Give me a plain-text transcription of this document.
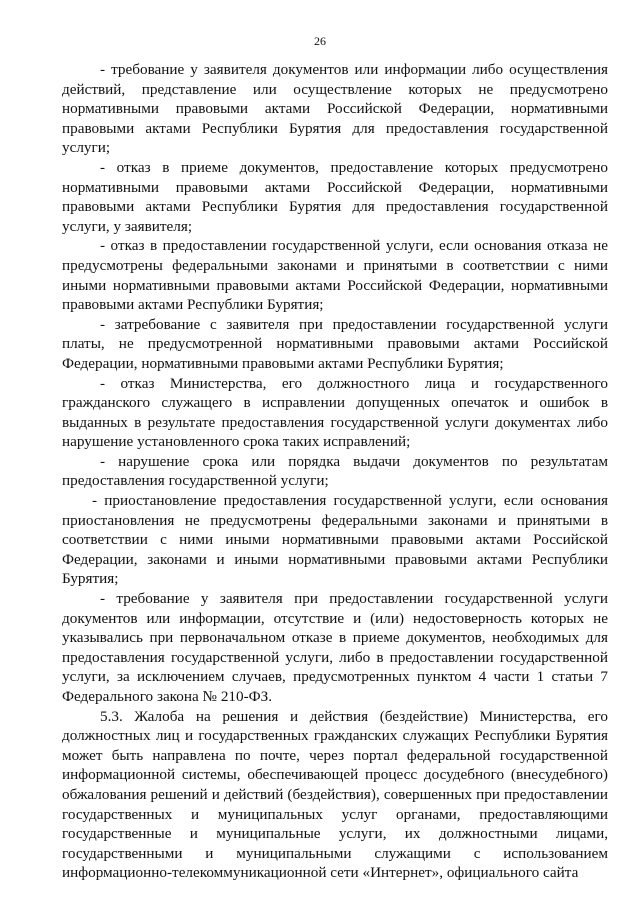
26

- требование у заявителя документов или информации либо осуществления действий, представление или осуществление которых не предусмотрено нормативными правовыми актами Российской Федерации, нормативными правовыми актами Республики Бурятия для предоставления государственной услуги;

- отказ в приеме документов, предоставление которых предусмотрено нормативными правовыми актами Российской Федерации, нормативными правовыми актами Республики Бурятия для предоставления государственной услуги, у заявителя;

- отказ в предоставлении государственной услуги, если основания отказа не предусмотрены федеральными законами и принятыми в соответствии с ними иными нормативными правовыми актами Российской Федерации, нормативными правовыми актами Республики Бурятия;

- затребование с заявителя при предоставлении государственной услуги платы, не предусмотренной нормативными правовыми актами Российской Федерации, нормативными правовыми актами Республики Бурятия;

- отказ Министерства, его должностного лица и государственного гражданского служащего в исправлении допущенных опечаток и ошибок в выданных в результате предоставления государственной услуги документах либо нарушение установленного срока таких исправлений;

- нарушение срока или порядка выдачи документов по результатам предоставления государственной услуги;

- приостановление предоставления государственной услуги, если основания приостановления не предусмотрены федеральными законами и принятыми в соответствии с ними иными нормативными правовыми актами Российской Федерации, законами и иными нормативными правовыми актами Республики Бурятия;

- требование у заявителя при предоставлении государственной услуги документов или информации, отсутствие и (или) недостоверность которых не указывались при первоначальном отказе в приеме документов, необходимых для предоставления государственной услуги, либо в предоставлении государственной услуги, за исключением случаев, предусмотренных пунктом 4 части 1 статьи 7 Федерального закона № 210-ФЗ.

5.3. Жалоба на решения и действия (бездействие) Министерства, его должностных лиц и государственных гражданских служащих Республики Бурятия может быть направлена по почте, через портал федеральной государственной информационной системы, обеспечивающей процесс досудебного (внесудебного) обжалования решений и действий (бездействия), совершенных при предоставлении государственных и муниципальных услуг органами, предоставляющими государственные и муниципальные услуги, их должностными лицами, государственными и муниципальными служащими с использованием информационно-телекоммуникационной сети «Интернет», официального сайта
